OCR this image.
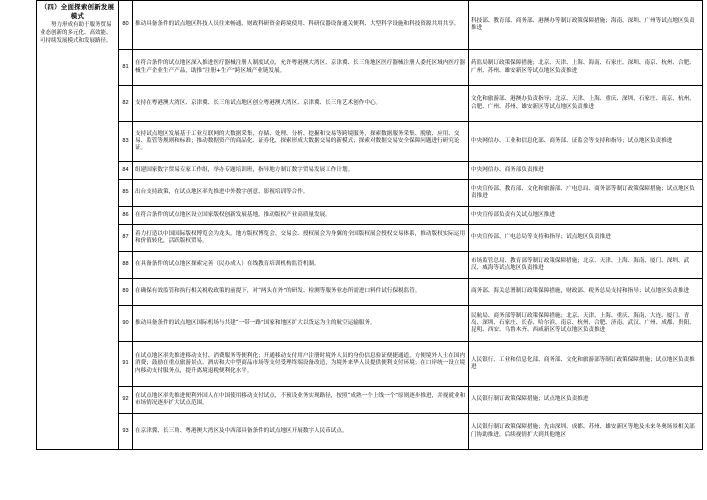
（四）全面探索创新发展模式
努力形成有助于服务贸易业态创新的多元化、高效能、可持续发展模式和发展路径。	80	推动具备条件的试点地区科技人员往来畅通、财政科研资金跨境使用、科研仪器设备通关便利、大型科学设施和科技资源共用共享。	科技部、教育部、商务部、港澳办等制订政策保障措施；海南、深圳、广州等试点地区负责推进
	81	在符合条件的试点地区深入推进医疗器械注册人制度试点，允许粤港澳大湾区、京津冀、长三角地区医疗器械注册人委托区域内医疗器械生产企业生产产品，助推“注册+生产”跨区域产业链发展。	药监局制订政策保障措施；北京、天津、上海、海南、石家庄、深圳、南京、杭州、合肥、广州、苏州、雄安新区等试点地区负责推进
	82	支持在粤港澳大湾区、京津冀、长三角试点地区创立粤港澳大湾区、京津冀、长三角艺术创作中心。	文化和旅游部、港澳办负责指导；北京、天津、上海、重庆、深圳、石家庄、南京、杭州、合肥、广州、苏州、雄安新区等试点地区负责推进
	83	支持试点地区发展基于工业互联网的大数据采集、存储、处理、分析、挖掘和交易等跨境服务，探索数据服务采集、脱敏、应用、交易、监管等规则和标准；推动数据资产的商品化、证券化，探索形成大数据交易的新模式；探索对数据交易安全保障问题进行研究论证。	中央网信办、工业和信息化部、商务部、证监会等支持和指导；试点地区负责推进
	84	组建国家数字贸易专家工作组，举办专题培训班，指导地方制订数字贸易发展工作计划。	中央网信办、商务部负责推进
	85	出台支持政策，在试点地区率先推进中外数字创意、影视培训等合作。	中央宣传部、教育部、文化和旅游部、广电总局、商务部等制订政策保障措施；试点地区负责推进
	86	在符合条件的试点地区设立国家版权创新发展基地，推动版权产业高质量发展。	中央宣传部负责有关试点地区推进
	87	着力打造以中国国际版权博览会为龙头，地方版权博览会、交易会、授权展会为身翼的全国版权展会授权交易体系，推动版权实际运用和价值转化，活跃版权贸易。	中央宣传部、广电总局等支持和指导；试点地区负责推进
	88	在具备条件的试点地区探索完善（民办成人）在线教育培训机构监管机制。	市场监管总局、教育部等制订政策保障措施；北京、天津、上海、海南、厦门、深圳、武汉、威海等试点地区负责推进
	89	在确保有效监管和执行相关税收政策的前提下，对“两头在外”的研发、检测等服务业态所需进口料件试行保税监管。	商务部、海关总署制订政策保障措施，财政部、税务总局支持和指导；试点地区负责推进
	90	推动具备条件的试点地区国际机场与共建“一带一路”国家和地区扩大以货运为主的航空运输服务。	民航局、商务部等制订政策保障措施；北京、天津、上海、重庆、海南、大连、厦门、青岛、深圳、石家庄、长春、哈尔滨、南京、杭州、合肥、济南、武汉、广州、成都、贵阳、昆明、西安、乌鲁木齐、西咸新区等试点地区负责推进
	91	在试点地区率先推进移动支付、消费服务等便利化；开通移动支付用户注册时境外人员的身份信息验证便捷通道，方便境外人士在国内消费；鼓励在重点旅游景点、酒店和大中型商品市场等支付受理终端设备改造，为境外来华人员提供便利支付环境；在口岸统一设立境内移动支付服务点，提升离境退税便利化水平。	人民银行、工业和信息化部、商务部、文化和旅游部等制订政策保障措施；试点地区负责推进
	92	在试点地区率先推进便利外国人在中国使用移动支付试点，不预设业务实现路径，按照“成熟一个上线一个”原则逐步推进，并视就业和市场情况逐步扩大试点范围。	人民银行制订政策保障措施；试点地区负责推进
	93	在京津冀、长三角、粤港澳大湾区及中西部具备条件的试点地区开展数字人民币试点。	人民银行制订政策保障措施；先由深圳、成都、苏州、雄安新区等地及未来冬奥场景相关部门协助推进，后续视情扩大到其他地区
